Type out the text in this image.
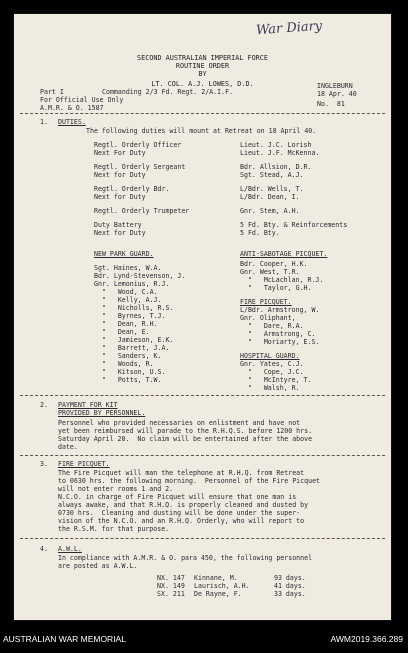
War Diary
SECOND AUSTRALIAN IMPERIAL FORCE
ROUTINE ORDER
BY
LT. COL. A.J. LOWES, D.D.
Part I	Commanding 2/3 Fd. Regt. 2/A.I.F.
INGLEBURN
18 Apr. 40
For Official Use Only
A.M.R. & O. 1587	No.  81
1. DUTIES.
The following duties will mount at Retreat on 18 April 40.
Regtl. Orderly Officer	Lieut. J.C. Lorish
Next For Duty	Lieut. J.F. McKenna.
Regtl. Orderly Sergeant	Bdr. Allsion, D.R.
Next for Duty	Sgt. Stead, A.J.
Regtl. Orderly Bdr.	L/Bdr. Wells, T.
Next for Duty	L/Bdr. Dean, I.
Regtl. Orderly Trumpeter	Gnr. Stem, A.H.
Duty Battery	5 Fd. Bty. & Reinforcements
Next for Duty	5 Fd. Bty.
NEW PARK GUARD.
Sgt. Haines, W.A.
Bdr. Lynd-Stevenson, J.
Gnr. Lemonius, R.J.
"   Wood, C.A.
"   Kelly, A.J.
"   Nicholls, R.S.
"   Byrnes, T.J.
"   Dean, R.H.
"   Dean, E.
"   Jamieson, E.K.
"   Barrett, J.A.
"   Sanders, K.
"   Woods, R.
"   Kitson, U.S.
"   Potts, T.W.
ANTI-SABOTAGE PICQUET.
Bdr. Cooper, H.K.
Gnr. West, T.R.
"   McLachlan, R.J.
"   Taylor, G.H.
FIRE PICQUET.
L/Bdr. Armstrong, W.
Gnr. Oliphant,
"   Dare, R.A.
"   Armstrong, C.
"   Moriarty, E.S.
HOSPITAL GUARD.
Gnr. Yates, C.J.
"   Cope, J.C.
"   McIntyre, T.
"   Walsh, R.
2. PAYMENT FOR KIT
PROVIDED BY PERSONNEL.
Personnel who provided necessaries on enlistment and have not
yet been reimbursed will parade to the R.H.Q.S. before 1200 hrs.
Saturday April 20.  No claim will be entertained after the above
date.
3. FIRE PICQUET.
The Fire Picquet will man the telephone at R.H.Q. from Retreat
to 0630 hrs. the following morning.  Personnel of the Fire Picquet
will not enter rooms 1 and 2.
N.C.O. in charge of Fire Picquet will ensure that one man is
always awake, and that R.H.Q. is properly cleaned and dusted by
0730 hrs.  Cleaning and dusting will be done under the super-
vision of the N.C.O. and an R.H.Q. Orderly, who will report to
the R.S.M. for that purpose.
4. A.W.L.
In compliance with A.M.R. & O. para 450, the following personnel
are posted as A.W.L.
NX. 147 Kinnane, M.	93 days.
NX. 149 Laurisch, A.H.	41 days.
SX. 211 De Rayne, F.	33 days.
AUSTRALIAN WAR MEMORIAL	AWM2019.366.289
